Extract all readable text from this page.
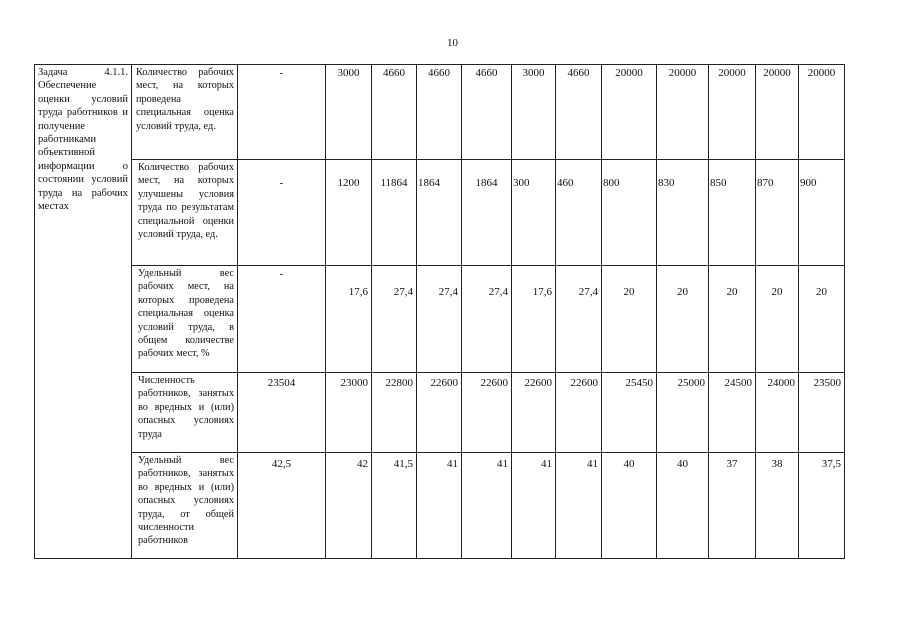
10
Задача 4.1.1. Обеспечение оценки условий труда работников и получение работниками объективной информации о состоянии условий труда на рабочих местах	Количество рабочих мест, на которых проведена специальная оценка условий труда, ед.	-	3000	4660	4660	4660	3000	4660	20000	20000	20000	20000	20000
	Количество рабочих мест, на которых улучшены условия труда по результатам специальной оценки условий труда, ед.	-	1200	11864	1864	1864	300	460	800	830	850	870	900
	Удельный вес рабочих мест, на которых проведена специальная оценка условий труда, в общем количестве рабочих мест, %	-	17,6	27,4	27,4	27,4	17,6	27,4	20	20	20	20	20
	Численность работников, занятых во вредных и (или) опасных условиях труда	23504	23000	22800	22600	22600	22600	22600	25450	25000	24500	24000	23500
	Удельный вес работников, занятых во вредных и (или) опасных условиях труда, от общей численности работников	42,5	42	41,5	41	41	41	41	40	40	37	38	37,5
